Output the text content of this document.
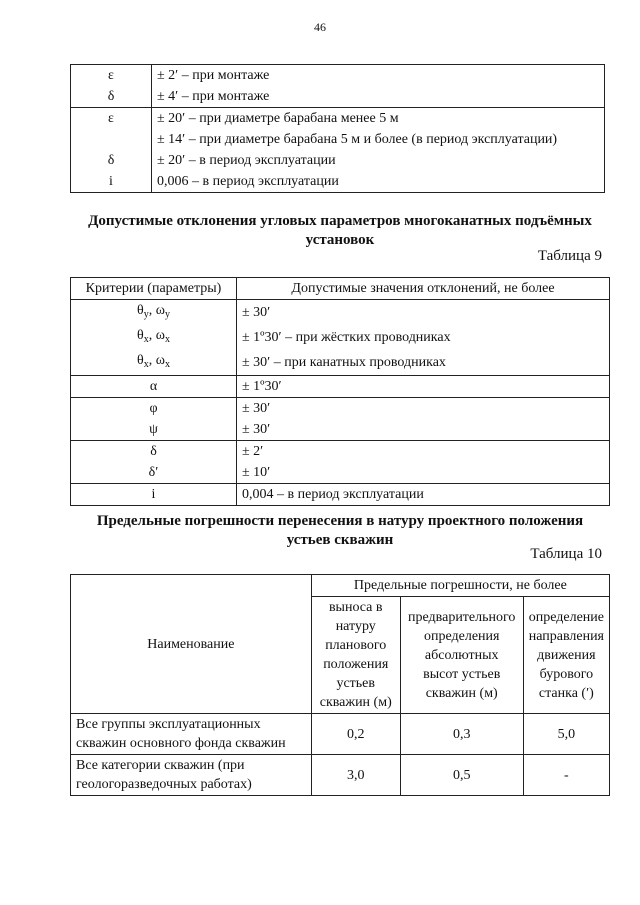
46
ε	± 2′ – при монтаже
δ	± 4′ – при монтаже
ε	± 20′ – при диаметре барабана менее 5 м
	± 14′ – при диаметре барабана 5 м и более (в период эксплуатации)
δ	± 20′ – в период эксплуатации
i	0,006 – в период эксплуатации
Допустимые отклонения угловых параметров многоканатных подъёмных
установок
Таблица 9
Критерии (параметры)	Допустимые значения отклонений, не более
$\theta_y$, $\omega_y$	± 30′
$\theta_x$, $\omega_x$	± 1º30′ – при жёстких проводниках
$\theta_x$, $\omega_x$	± 30′ – при канатных проводниках
α	± 1º30′
φ	± 30′
ψ	± 30′
δ	± 2′
δ′	± 10′
i	0,004 – в период эксплуатации
Предельные погрешности перенесения в натуру проектного положения
устьев скважин
Таблица 10
Наименование	Предельные погрешности, не более		
	выноса в натуру планового положения устьев скважин (м)	предварительного определения абсолютных высот устьев скважин (м)	определение направления движения бурового станка (′)
Все группы эксплуатационных скважин основного фонда скважин	0,2	0,3	5,0
Все категории скважин (при геологоразведочных работах)	3,0	0,5	-
